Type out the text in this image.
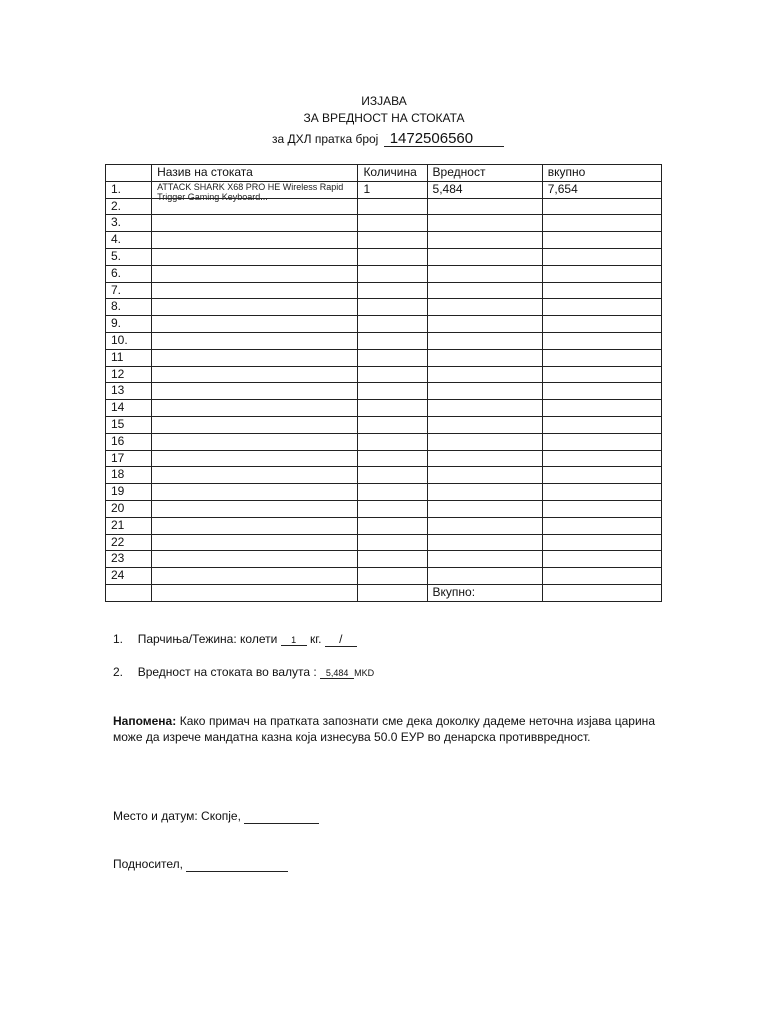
ИЗЈАВА
ЗА ВРЕДНОСТ НА СТОКАТА
за ДХЛ пратка број 1472506560
	Назив на стоката	Количина	Вредност	вкупно
1.	ATTACK SHARK X68 PRO HE Wireless Rapid Trigger Gaming Keyboard...	1	5,484	7,654
2.				
3.				
4.				
5.				
6.				
7.				
8.				
9.				
10.				
11				
12				
13				
14				
15				
16				
17				
18				
19				
20				
21				
22				
23				
24				
			Вкупно:	
1. Парчиња/Тежина: колети 1 кг. /
2. Вредност на стоката во валута : 5,484 MKD
Напомена: Како примач на пратката запознати сме дека доколку дадеме неточна изјава царина може да изрече мандатна казна која изнесува 50.0 ЕУР во денарска противвредност.
Место и датум: Скопје,
Подносител,
